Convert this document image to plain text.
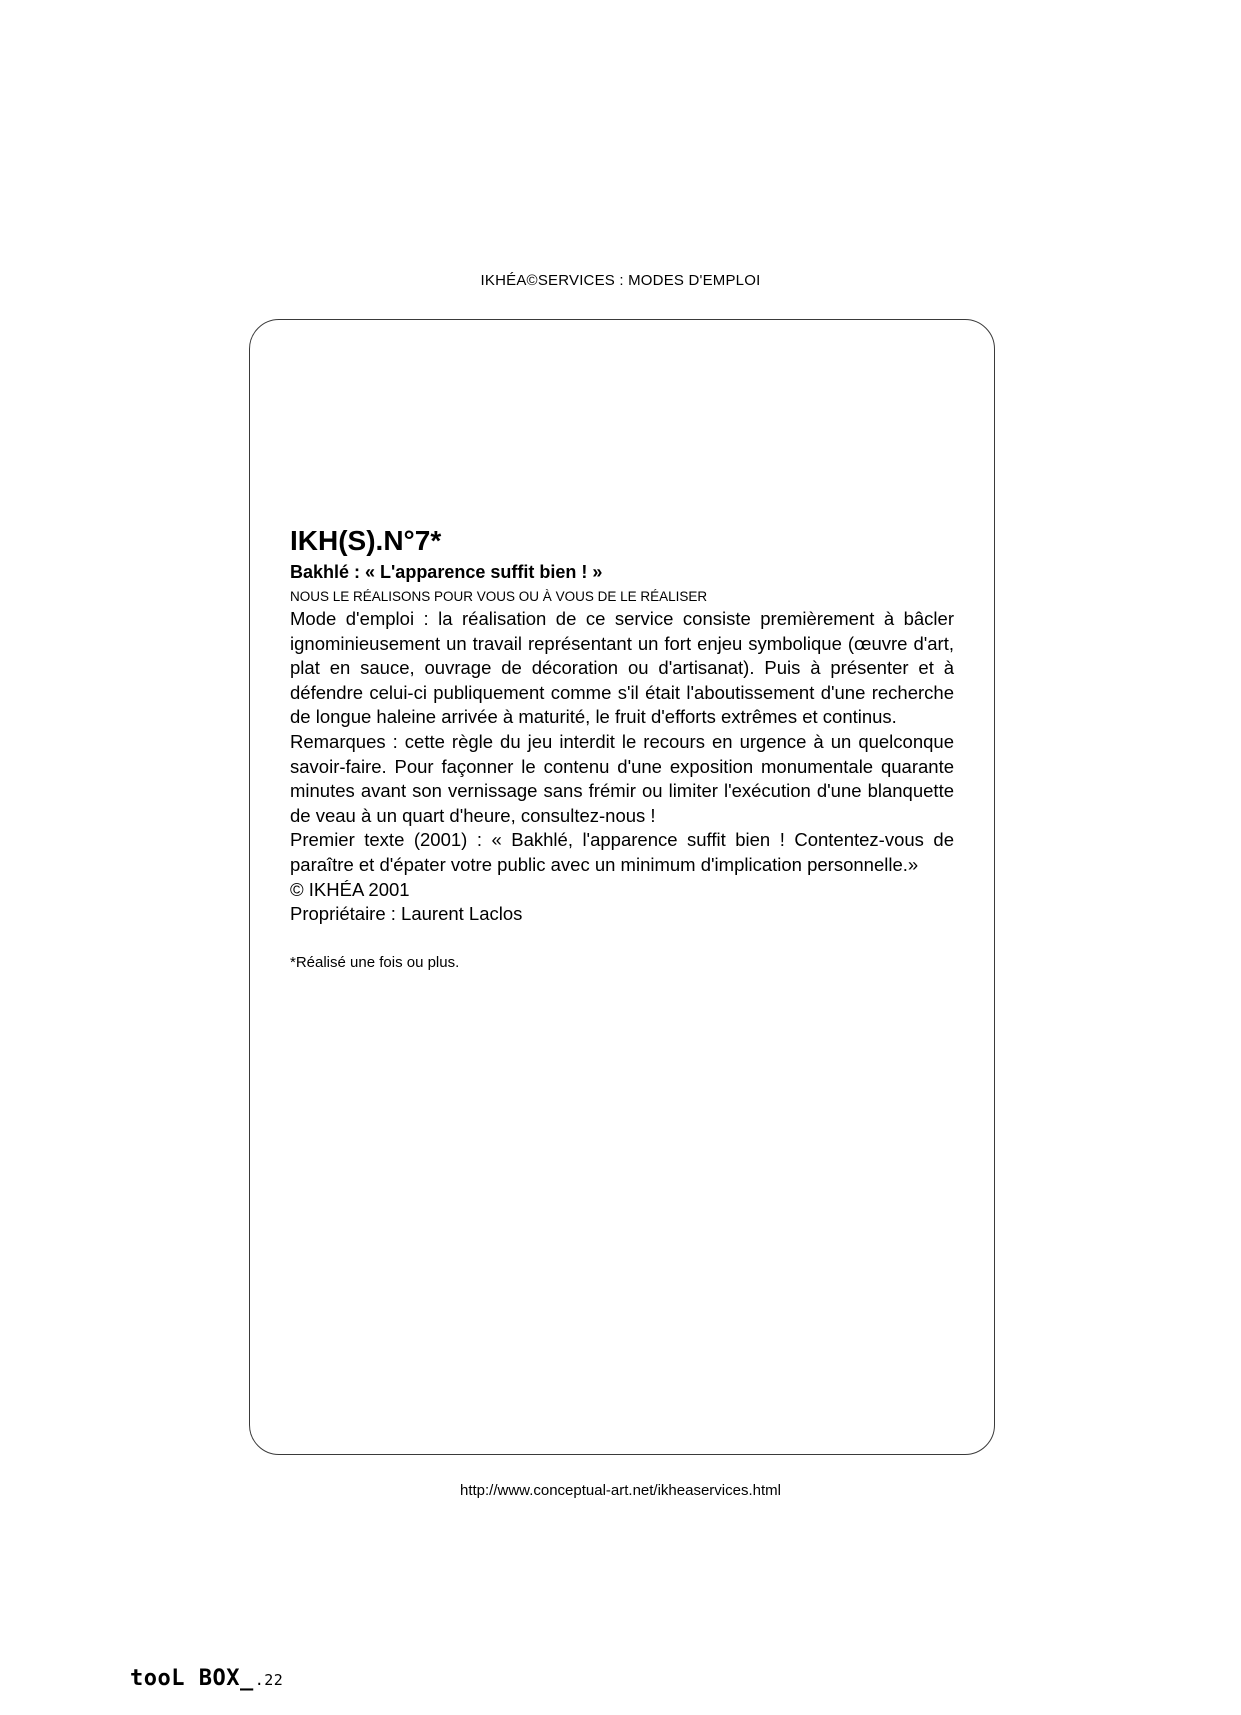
IKHÉA©SERVICES : MODES D'EMPLOI
IKH(S).N°7*

Bakhlé : « L'apparence suffit bien ! »

NOUS LE RÉALISONS POUR VOUS OU À VOUS DE LE RÉALISER

Mode d'emploi : la réalisation de ce service consiste premièrement à bâcler ignominieusement un travail représentant un fort enjeu symbolique (œuvre d'art, plat en sauce, ouvrage de décoration ou d'artisanat). Puis à présenter et à défendre celui-ci publiquement comme s'il était l'aboutissement d'une recherche de longue haleine arrivée à maturité, le fruit d'efforts extrêmes et continus.

Remarques : cette règle du jeu interdit le recours en urgence à un quelconque savoir-faire. Pour façonner le contenu d'une exposition monumentale quarante minutes avant son vernissage sans frémir ou limiter l'exécution d'une blanquette de veau à un quart d'heure, consultez-nous !

Premier texte (2001) : « Bakhlé, l'apparence suffit bien ! Contentez-vous de paraître et d'épater votre public avec un minimum d'implication personnelle.»

© IKHÉA 2001

Propriétaire : Laurent Laclos

*Réalisé une fois ou plus.

http://www.conceptual-art.net/ikheaservices.html
tooL BOX_.22
